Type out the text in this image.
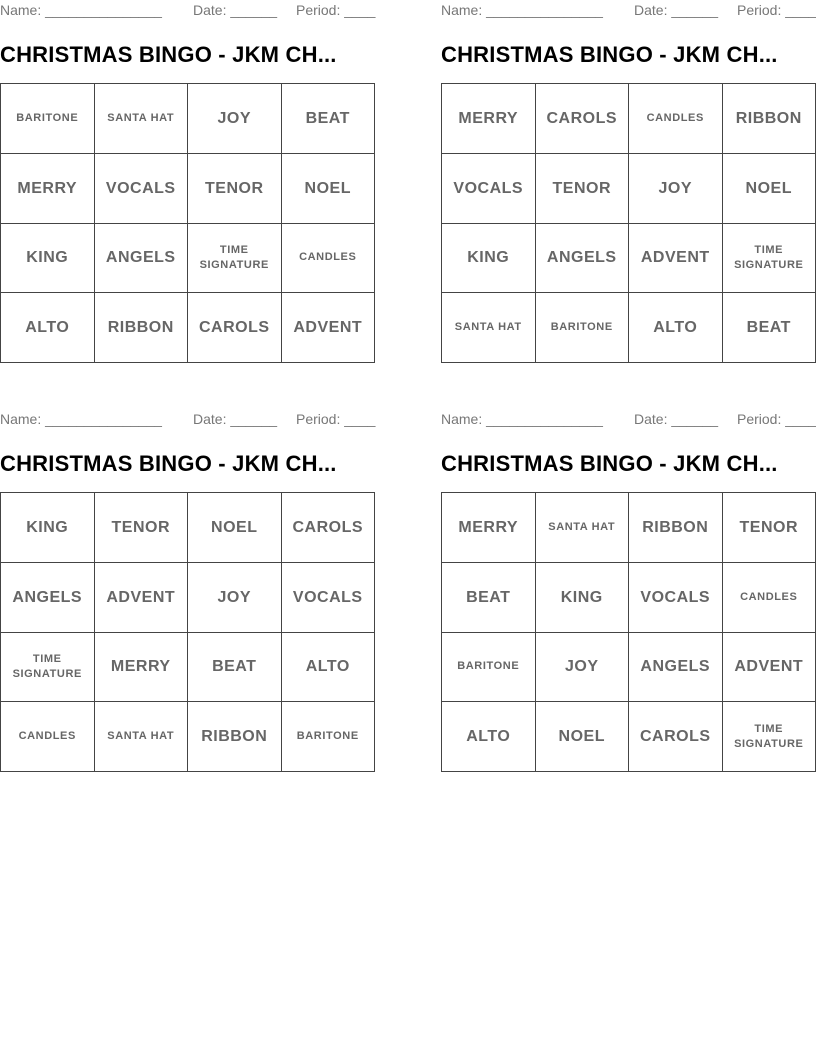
Name: _______________ Date: ______ Period: ____
CHRISTMAS BINGO - JKM CH...
BARITONE	SANTA HAT	JOY	BEAT
MERRY	VOCALS	TENOR	NOEL
KING	ANGELS	TIME SIGNATURE	CANDLES
ALTO	RIBBON	CAROLS	ADVENT
Name: _______________ Date: ______ Period: ____
CHRISTMAS BINGO - JKM CH...
MERRY	CAROLS	CANDLES	RIBBON
VOCALS	TENOR	JOY	NOEL
KING	ANGELS	ADVENT	TIME SIGNATURE
SANTA HAT	BARITONE	ALTO	BEAT
Name: _______________ Date: ______ Period: ____
CHRISTMAS BINGO - JKM CH...
KING	TENOR	NOEL	CAROLS
ANGELS	ADVENT	JOY	VOCALS
TIME SIGNATURE	MERRY	BEAT	ALTO
CANDLES	SANTA HAT	RIBBON	BARITONE
Name: _______________ Date: ______ Period: ____
CHRISTMAS BINGO - JKM CH...
MERRY	SANTA HAT	RIBBON	TENOR
BEAT	KING	VOCALS	CANDLES
BARITONE	JOY	ANGELS	ADVENT
ALTO	NOEL	CAROLS	TIME SIGNATURE
